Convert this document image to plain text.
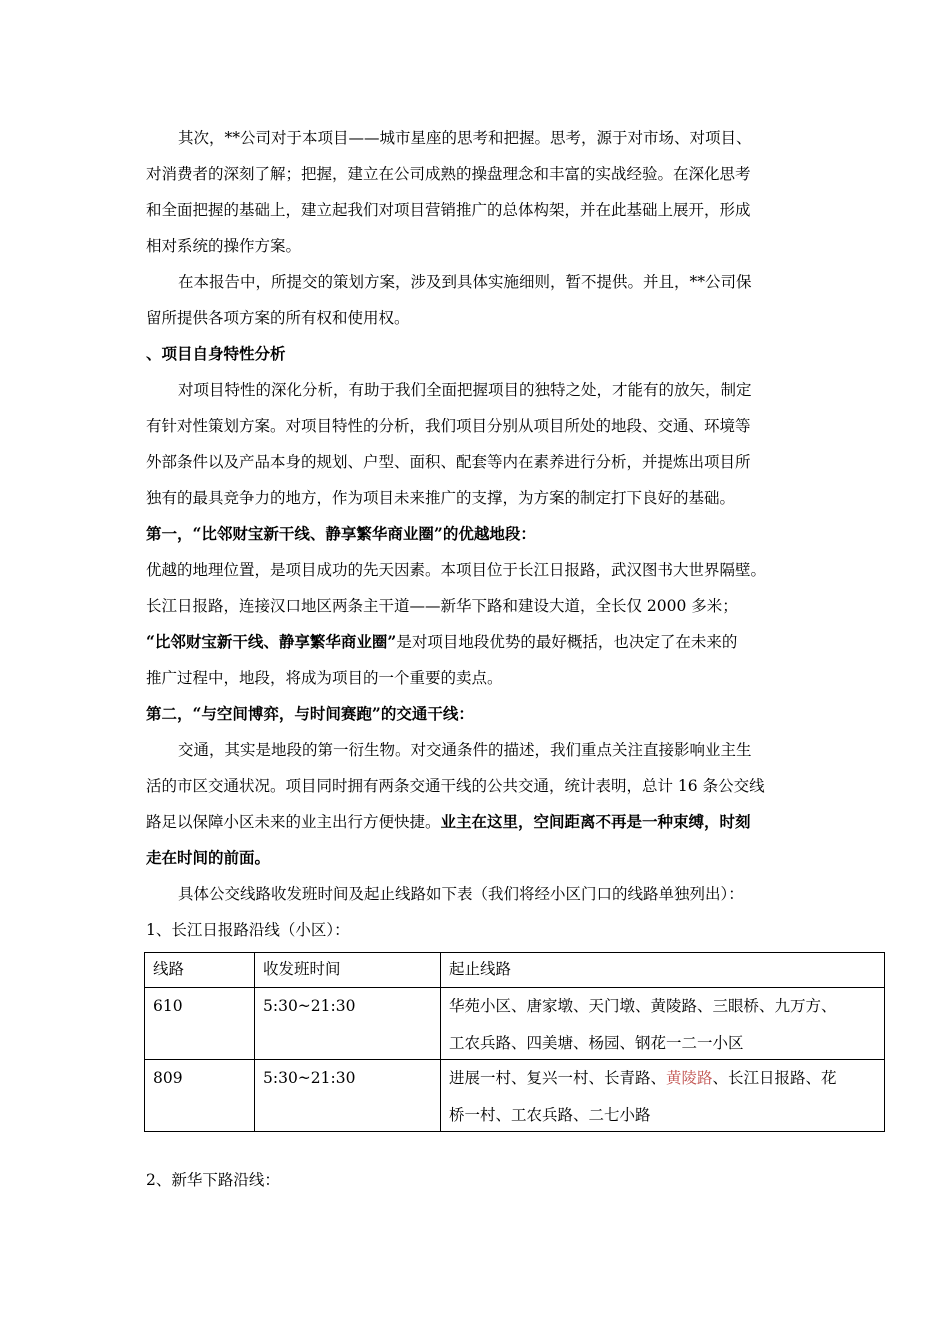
其次，**公司对于本项目——城市星座的思考和把握。思考，源于对市场、对项目、
对消费者的深刻了解；把握，建立在公司成熟的操盘理念和丰富的实战经验。在深化思考
和全面把握的基础上，建立起我们对项目营销推广的总体构架，并在此基础上展开，形成
相对系统的操作方案。
在本报告中，所提交的策划方案，涉及到具体实施细则，暂不提供。并且，**公司保
留所提供各项方案的所有权和使用权。
、项目自身特性分析
对项目特性的深化分析，有助于我们全面把握项目的独特之处，才能有的放矢，制定
有针对性策划方案。对项目特性的分析，我们项目分别从项目所处的地段、交通、环境等
外部条件以及产品本身的规划、户型、面积、配套等内在素养进行分析，并提炼出项目所
独有的最具竞争力的地方，作为项目未来推广的支撑，为方案的制定打下良好的基础。
第一，“比邻财宝新干线、静享繁华商业圈”的优越地段：
优越的地理位置，是项目成功的先天因素。本项目位于长江日报路，武汉图书大世界隔壁。
长江日报路，连接汉口地区两条主干道——新华下路和建设大道，全长仅 2000 多米；
“比邻财宝新干线、静享繁华商业圈”是对项目地段优势的最好概括，也决定了在未来的
推广过程中，地段，将成为项目的一个重要的卖点。
第二，“与空间博弈，与时间赛跑”的交通干线：
交通，其实是地段的第一衍生物。对交通条件的描述，我们重点关注直接影响业主生
活的市区交通状况。项目同时拥有两条交通干线的公共交通，统计表明，总计 16 条公交线
路足以保障小区未来的业主出行方便快捷。业主在这里，空间距离不再是一种束缚，时刻
走在时间的前面。
具体公交线路收发班时间及起止线路如下表（我们将经小区门口的线路单独列出）：
1、长江日报路沿线（小区）：
线路	收发班时间	起止线路

610	5:30~21:30	华苑小区、唐家墩、天门墩、黄陵路、三眼桥、九万方、
工农兵路、四美塘、杨园、钢花一二一小区

809	5:30~21:30	进展一村、复兴一村、长青路、黄陵路、长江日报路、花
桥一村、工农兵路、二七小路
2、新华下路沿线：
